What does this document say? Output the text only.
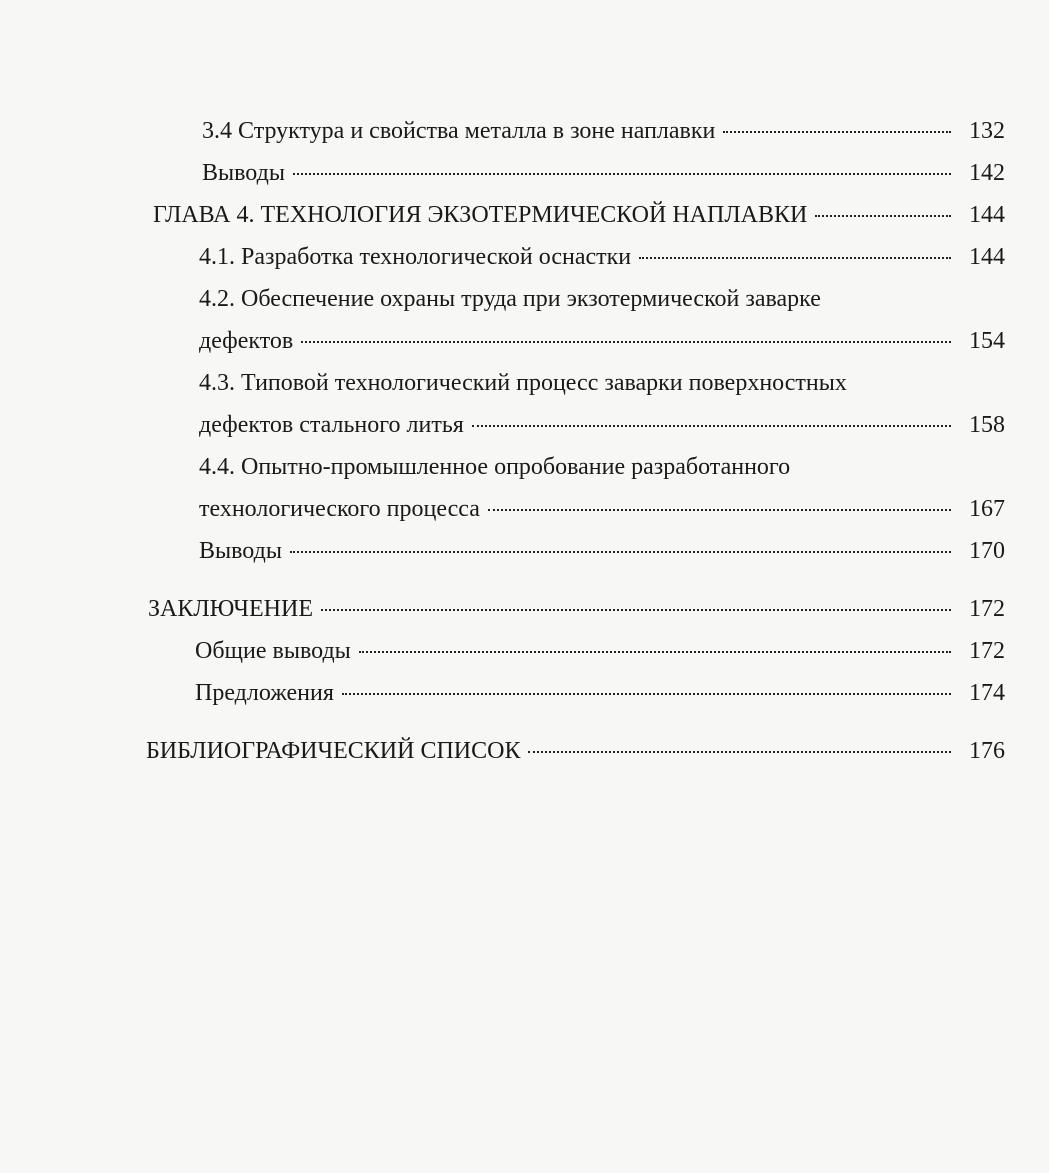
3.4 Структура и свойства металла в зоне наплавки	132
Выводы	142
ГЛАВА 4. ТЕХНОЛОГИЯ ЭКЗОТЕРМИЧЕСКОЙ НАПЛАВКИ	144
4.1. Разработка технологической оснастки	144
4.2. Обеспечение охраны труда при экзотермической заварке
дефектов	154
4.3. Типовой технологический процесс заварки поверхностных
дефектов стального литья	158
4.4. Опытно-промышленное опробование разработанного
технологического процесса	167
Выводы	170
ЗАКЛЮЧЕНИЕ	172
Общие выводы	172
Предложения	174
БИБЛИОГРАФИЧЕСКИЙ СПИСОК	176
